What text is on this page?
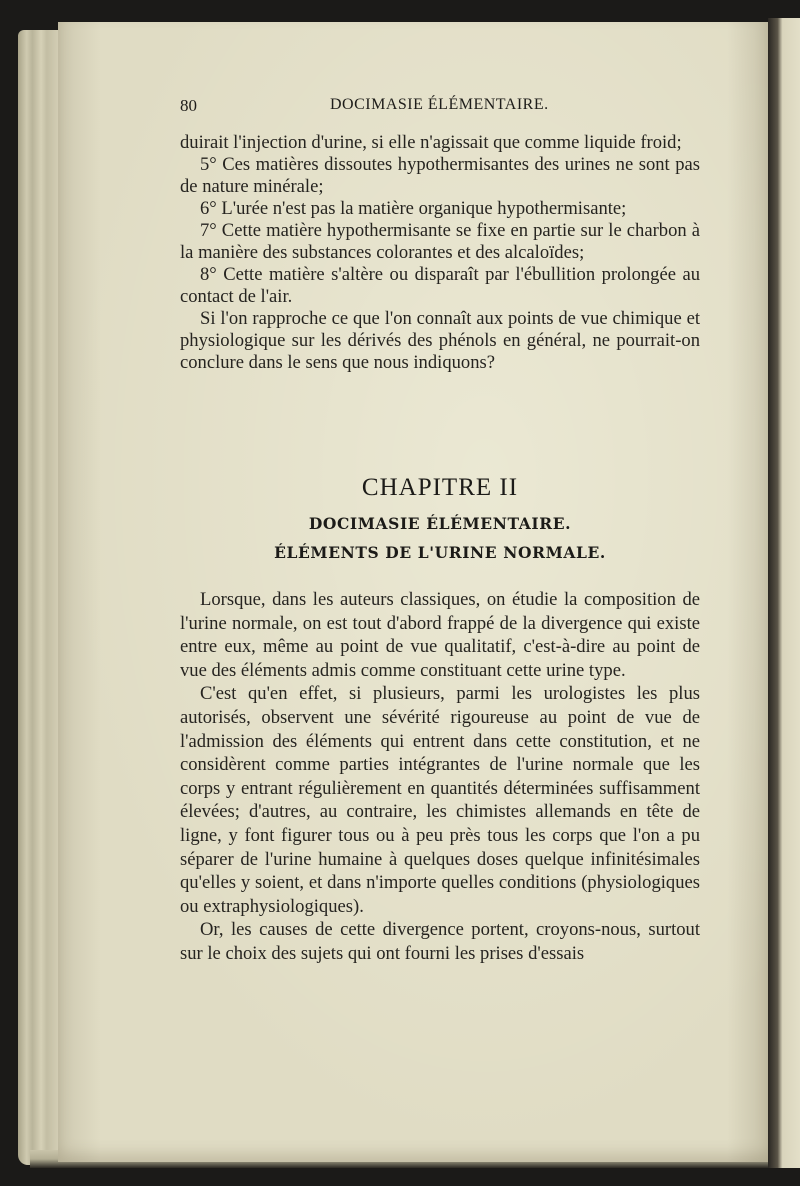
80	DOCIMASIE ÉLÉMENTAIRE.

duirait l'injection d'urine, si elle n'agissait que comme liquide froid;

5° Ces matières dissoutes hypothermisantes des urines ne sont pas de nature minérale;

6° L'urée n'est pas la matière organique hypothermisante;

7° Cette matière hypothermisante se fixe en partie sur le charbon à la manière des substances colorantes et des alcaloïdes;

8° Cette matière s'altère ou disparaît par l'ébullition prolongée au contact de l'air.

Si l'on rapproche ce que l'on connaît aux points de vue chimique et physiologique sur les dérivés des phénols en général, ne pourrait-on conclure dans le sens que nous indiquons?

CHAPITRE II
DOCIMASIE ÉLÉMENTAIRE.
ÉLÉMENTS DE L'URINE NORMALE.

Lorsque, dans les auteurs classiques, on étudie la composition de l'urine normale, on est tout d'abord frappé de la divergence qui existe entre eux, même au point de vue qualitatif, c'est-à-dire au point de vue des éléments admis comme constituant cette urine type.

C'est qu'en effet, si plusieurs, parmi les urologistes les plus autorisés, observent une sévérité rigoureuse au point de vue de l'admission des éléments qui entrent dans cette constitution, et ne considèrent comme parties intégrantes de l'urine normale que les corps y entrant régulièrement en quantités déterminées suffisamment élevées; d'autres, au contraire, les chimistes allemands en tête de ligne, y font figurer tous ou à peu près tous les corps que l'on a pu séparer de l'urine humaine à quelques doses quelque infinitésimales qu'elles y soient, et dans n'importe quelles conditions (physiologiques ou extraphysiologiques).

Or, les causes de cette divergence portent, croyons-nous, surtout sur le choix des sujets qui ont fourni les prises d'essais
